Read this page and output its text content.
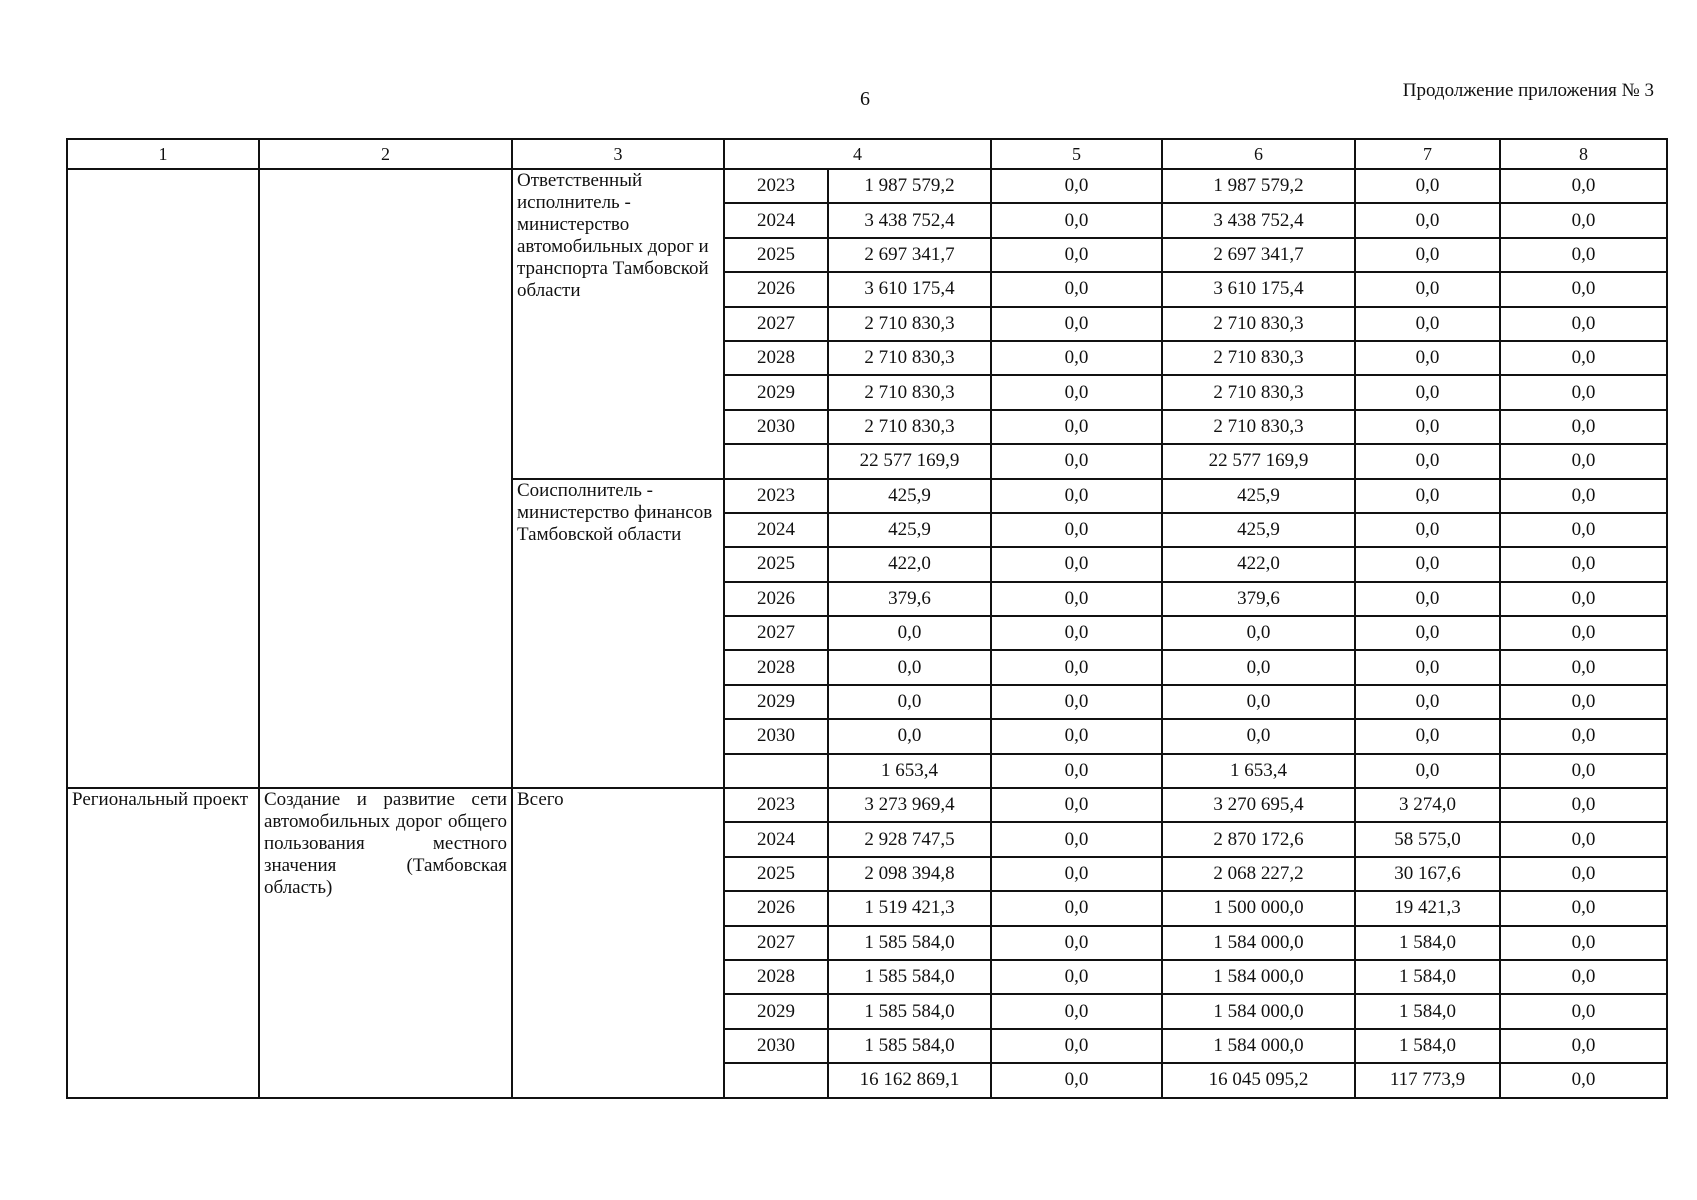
6	Продолжение приложения № 3
1	2	3	4		5	6	7	8
		Ответственный исполнитель - министерство автомобильных дорог и транспорта Тамбовской области	2023	1 987 579,2	0,0	1 987 579,2	0,0	0,0
			2024	3 438 752,4	0,0	3 438 752,4	0,0	0,0
			2025	2 697 341,7	0,0	2 697 341,7	0,0	0,0
			2026	3 610 175,4	0,0	3 610 175,4	0,0	0,0
			2027	2 710 830,3	0,0	2 710 830,3	0,0	0,0
			2028	2 710 830,3	0,0	2 710 830,3	0,0	0,0
			2029	2 710 830,3	0,0	2 710 830,3	0,0	0,0
			2030	2 710 830,3	0,0	2 710 830,3	0,0	0,0
				22 577 169,9	0,0	22 577 169,9	0,0	0,0
		Соисполнитель - министерство финансов Тамбовской области	2023	425,9	0,0	425,9	0,0	0,0
			2024	425,9	0,0	425,9	0,0	0,0
			2025	422,0	0,0	422,0	0,0	0,0
			2026	379,6	0,0	379,6	0,0	0,0
			2027	0,0	0,0	0,0	0,0	0,0
			2028	0,0	0,0	0,0	0,0	0,0
			2029	0,0	0,0	0,0	0,0	0,0
			2030	0,0	0,0	0,0	0,0	0,0
				1 653,4	0,0	1 653,4	0,0	0,0
Региональный проект	Создание и развитие сети автомобильных дорог общего пользования местного значения (Тамбовская область)	Всего	2023	3 273 969,4	0,0	3 270 695,4	3 274,0	0,0
			2024	2 928 747,5	0,0	2 870 172,6	58 575,0	0,0
			2025	2 098 394,8	0,0	2 068 227,2	30 167,6	0,0
			2026	1 519 421,3	0,0	1 500 000,0	19 421,3	0,0
			2027	1 585 584,0	0,0	1 584 000,0	1 584,0	0,0
			2028	1 585 584,0	0,0	1 584 000,0	1 584,0	0,0
			2029	1 585 584,0	0,0	1 584 000,0	1 584,0	0,0
			2030	1 585 584,0	0,0	1 584 000,0	1 584,0	0,0
				16 162 869,1	0,0	16 045 095,2	117 773,9	0,0
